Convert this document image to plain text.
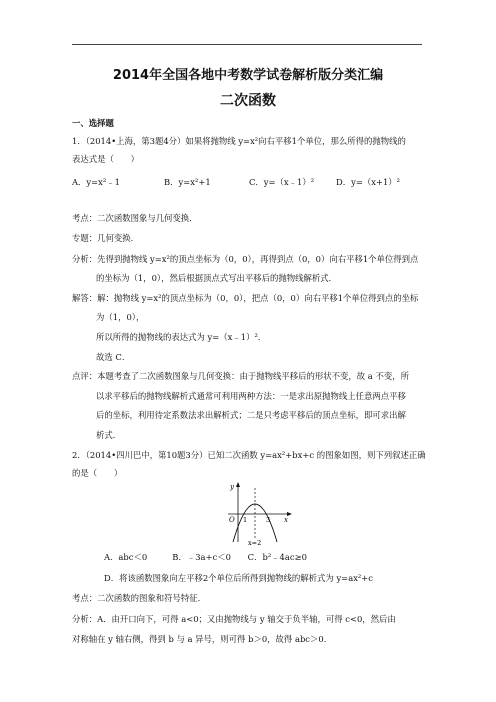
2014年全国各地中考数学试卷解析版分类汇编
二次函数
一、选择题
1．（2014•上海，第3题4分）如果将抛物线 y=x²向右平移1个单位，那么所得的抛物线的
表达式是（　　）
A．y=x²﹣1	B．y=x²+1	C．y=（x﹣1）²	D．y=（x+1）²
考点：二次函数图象与几何变换．
专题：几何变换．
分析：先得到抛物线 y=x²的顶点坐标为（0，0），再得到点（0，0）向右平移1个单位得到点
的坐标为（1，0），然后根据顶点式写出平移后的抛物线解析式．
解答：解：抛物线 y=x²的顶点坐标为（0，0），把点（0，0）向右平移1个单位得到点的坐标
为（1，0），
所以所得的抛物线的表达式为 y=（x﹣1）²．
故选 C．
点评：本题考查了二次函数图象与几何变换：由于抛物线平移后的形状不变，故 a 不变，所
以求平移后的抛物线解析式通常可利用两种方法：一是求出原抛物线上任意两点平移
后的坐标，利用待定系数法求出解析式；二是只考虑平移后的顶点坐标，即可求出解
析式．
2．（2014•四川巴中，第10题3分）已知二次函数 y=ax²+bx+c 的图象如图，则下列叙述正确
的是（　　）
y
x
O 1	3
x=2
A．abc＜0　　　B．﹣3a+c＜0　　C．b²﹣4ac≥0
D．将该函数图象向左平移2个单位后所得到抛物线的解析式为 y=ax²+c
考点：二次函数的图象和符号特征．
分析：A．由开口向下，可得 a<0；又由抛物线与 y 轴交于负半轴，可得 c<0，然后由
对称轴在 y 轴右侧，得到 b 与 a 异号，则可得 b＞0，故得 abc＞0．
